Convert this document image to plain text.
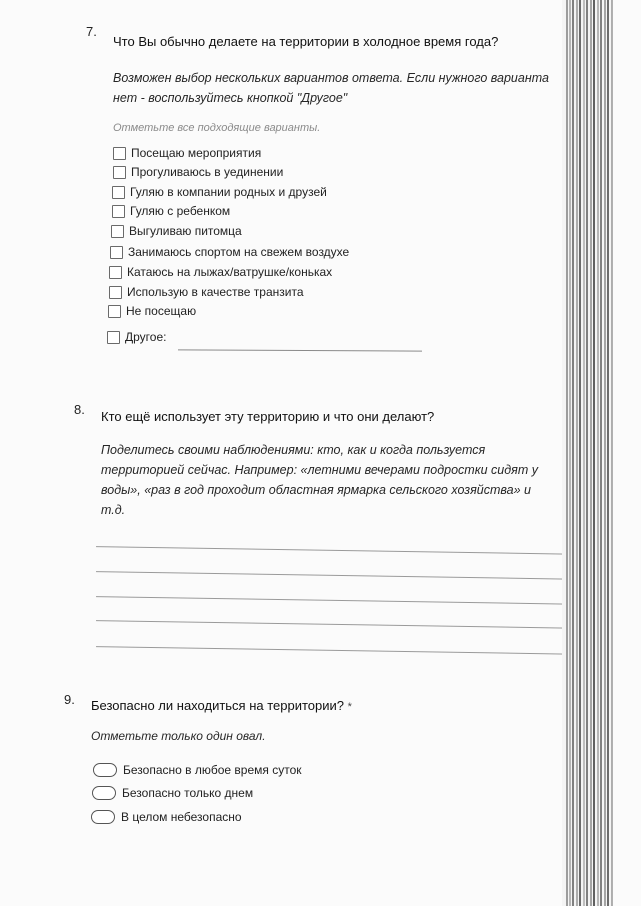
7.
Что Вы обычно делаете на территории в холодное время года?
Возможен выбор нескольких вариантов ответа. Если нужного варианта
нет - воспользуйтесь кнопкой "Другое"
Отметьте все подходящие варианты.
Посещаю мероприятия
Прогуливаюсь в уединении
Гуляю в компании родных и друзей
Гуляю с ребенком
Выгуливаю питомца
Занимаюсь спортом на свежем воздухе
Катаюсь на лыжах/ватрушке/коньках
Использую в качестве транзита
Не посещаю
Другое:
8. Кто ещё использует эту территорию и что они делают?
Поделитесь своими наблюдениями: кто, как и когда пользуется
территорией сейчас. Например: «летними вечерами подростки сидят у
воды», «раз в год проходит областная ярмарка сельского хозяйства» и
т.д.
9. Безопасно ли находиться на территории? *
Отметьте только один овал.
Безопасно в любое время суток
Безопасно только днем
В целом небезопасно
